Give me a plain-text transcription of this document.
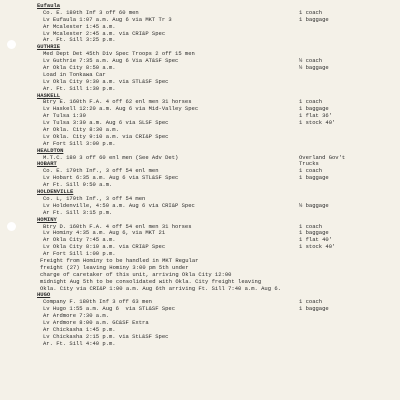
Eufaula
Co. E. 180th Inf 3 off 60 men	1 coach
Lv Eufaula 1:07 a.m. Aug 6 via MKT Tr 3	1 baggage
Ar Mcalester 1:45 a.m.
Lv Mcalester 2:45 a.m. via CRI&P Spec
Ar. Ft. Sill 3:25 p.m.
GUTHRIE
Med Dept Det 45th Div Spec Troops 2 off 15 men
Lv Guthrie 7:35 a.m. Aug 6 Via AT&SF Spec	½ coach
Ar Okla City 8:50 a.m.	½ baggage
Load in Tonkawa Car
Lv Okla City 9:30 a.m. via STL&SF Spec
Ar. Ft. Sill 1:30 p.m.
HASKELL
Btry E. 160th F.A. 4 off 62 enl men 31 horses	1 coach
Lv Haskell 12:20 a.m. Aug 6 via Mid-Valley Spec	1 baggage
Ar Tulsa 1:30	1 flat 36'
Lv Tulsa 3:30 a.m. Aug 6 via SLSF Spec	1 stock 40'
Ar Okla. City 8:30 a.m.
Lv Okla. City 9:10 a.m. via CRI&P Spec
Ar Fort Sill 3:00 p.m.
HEALDTON
M.T.C. 180 3 off 60 enl men (See Adv Det)	Overland Gov't
HOBART	Trucks
Co. E. 179th Inf., 3 off 54 enl men	1 coach
Lv Hobart 6:35 a.m. Aug 6 via STL&SF Spec	1 baggage
Ar Ft. Sill 9:50 a.m.
HOLDENVILLE
Co. L, 179th Inf., 3 off 54 men
Lv Holdenville, 4:50 a.m. Aug 6 via CRI&P Spec	½ baggage
Ar Ft. Sill 3:15 p.m.
HOMINY
Btry D. 160th F.A. 4 off 54 enl men 31 horses	1 coach
Lv Hominy 4:35 a.m. Aug 6, via MKT 21	1 baggage
Ar Okla City 7:45 a.m.	1 flat 40'
Lv Okla City 8:10 a.m. via CRI&P Spec	1 stock 40'
Ar Fort Sill 1:00 p.m.
Freight from Hominy to be handled in MKT Regular
freight (27) leaving Hominy 3:00 pm 5th under
charge of caretaker of this unit, arriving Okla City 12:00
midnight Aug 5th to be consolidated with Okla. City freight leaving
Okla. City via CRI&P 1:00 a.m. Aug 6th arriving Ft. Sill 7:40 a.m. Aug 6.
HUGO
Company F. 180th Inf 3 off 63 men	1 coach
Lv Hugo 1:55 a.m. Aug 6  via STL&SF Spec	1 baggage
Ar Ardmore 7:30 a.m.
Lv Ardmore 8:00 a.m. GC&SF Extra
Ar Chickasha 1:45 p.m.
Lv Chickasha 2:15 p.m. via StL&SF Spec
Ar. Ft. Sill 4:40 p.m.
